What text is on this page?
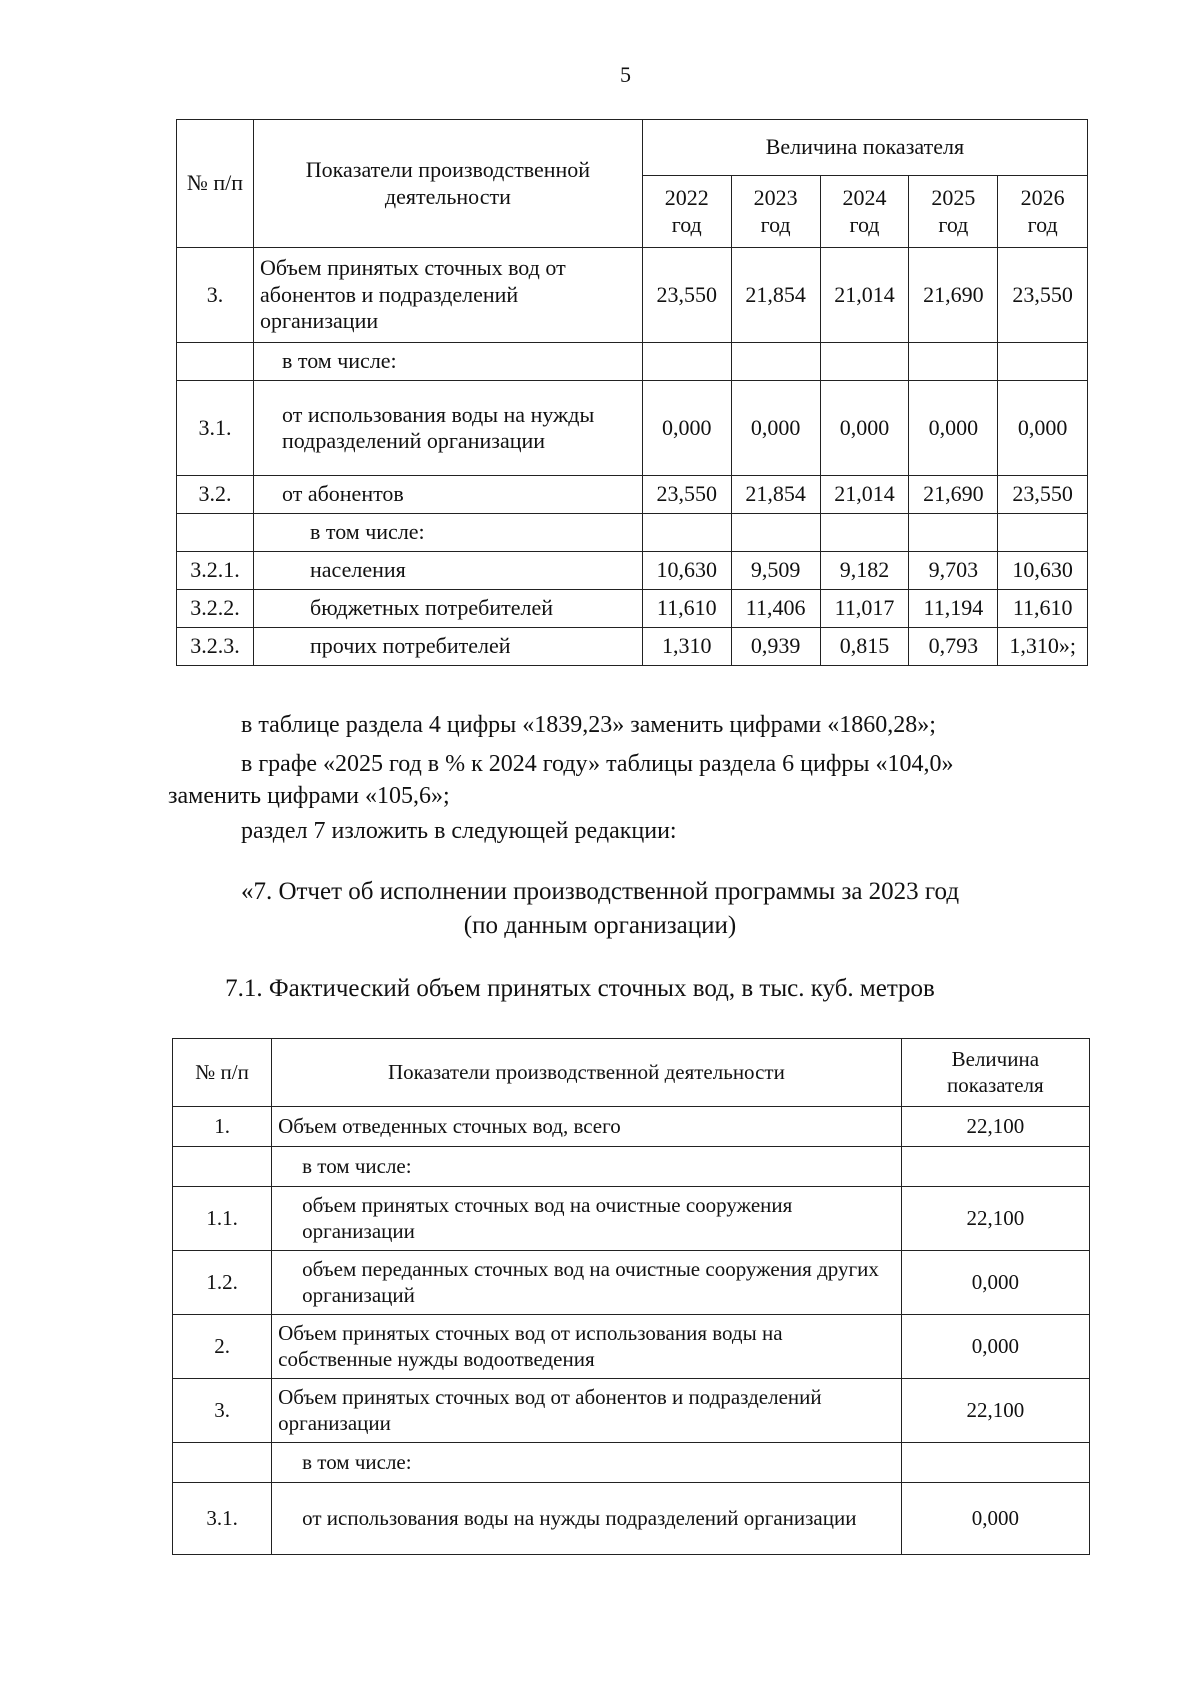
5
№ п/п	Показатели производственной деятельности	Величина показателя				
		2022 год	2023 год	2024 год	2025 год	2026 год
3.	Объем принятых сточных вод от абонентов и подразделений организации	23,550	21,854	21,014	21,690	23,550
	в том числе:					
3.1.	от использования воды на нужды подразделений организации	0,000	0,000	0,000	0,000	0,000
3.2.	от абонентов	23,550	21,854	21,014	21,690	23,550
	в том числе:					
3.2.1.	населения	10,630	9,509	9,182	9,703	10,630
3.2.2.	бюджетных потребителей	11,610	11,406	11,017	11,194	11,610
3.2.3.	прочих потребителей	1,310	0,939	0,815	0,793	1,310»;
в таблице раздела 4 цифры «1839,23» заменить цифрами «1860,28»;
в графе «2025 год в % к 2024 году» таблицы раздела 6 цифры «104,0»
заменить цифрами «105,6»;
раздел 7 изложить в следующей редакции:
«7. Отчет об исполнении производственной программы за 2023 год
(по данным организации)
7.1. Фактический объем принятых сточных вод, в тыс. куб. метров
№ п/п	Показатели производственной деятельности	Величина показателя
1.	Объем отведенных сточных вод, всего	22,100
	в том числе:	
1.1.	объем принятых сточных вод на очистные сооружения организации	22,100
1.2.	объем переданных сточных вод на очистные сооружения других организаций	0,000
2.	Объем принятых сточных вод от использования воды на собственные нужды водоотведения	0,000
3.	Объем принятых сточных вод от абонентов и подразделений организации	22,100
	в том числе:	
3.1.	от использования воды на нужды подразделений организации	0,000
